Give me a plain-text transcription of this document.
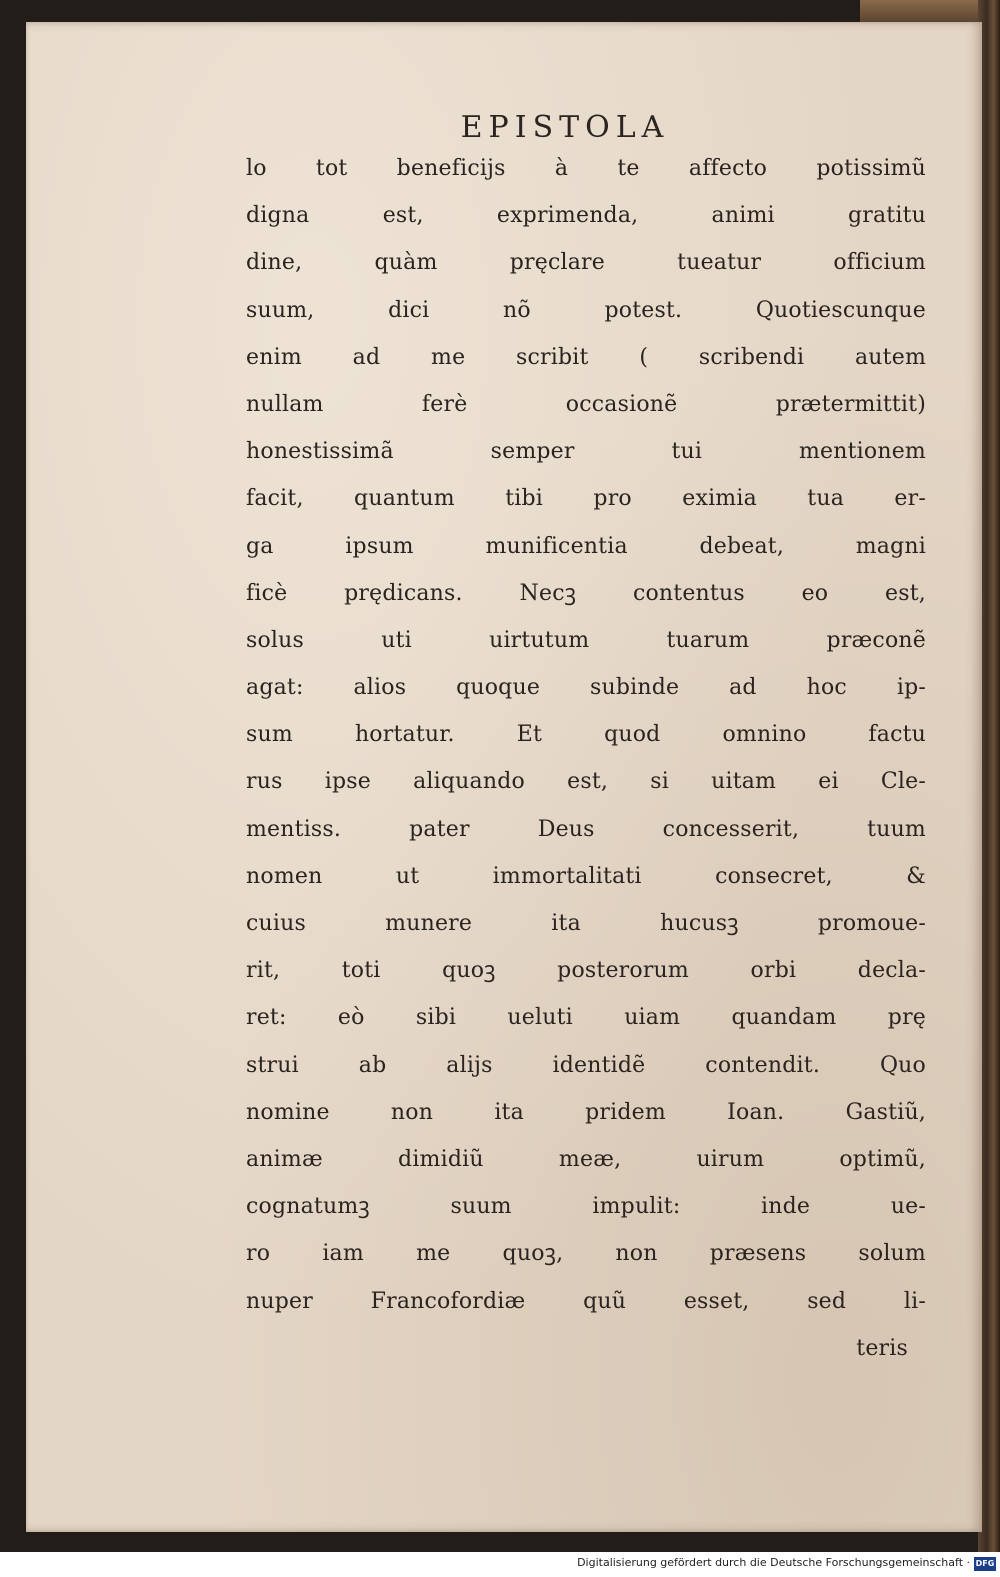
EPISTOLA
lo tot beneficijs à te affecto potissimũ
digna est, exprimenda, animi gratitu
dine, quàm pręclare tueatur officium
suum, dici nõ potest. Quotiescunque
enim ad me scribit ( scribendi autem
nullam ferè occasionẽ prætermittit)
honestissimã semper tui mentionem
facit, quantum tibi pro eximia tua er-
ga ipsum munificentia debeat, magni
ficè prędicans. Necꝫ contentus eo est,
solus uti uirtutum tuarum præconẽ
agat: alios quoque subinde ad hoc ip-
sum hortatur. Et quod omnino factu
rus ipse aliquando est, si uitam ei Cle-
mentiss. pater Deus concesserit, tuum
nomen ut immortalitati consecret, &
cuius munere ita hucusꝫ promoue-
rit, toti quoꝫ posterorum orbi decla-
ret: eò sibi ueluti uiam quandam prę
strui ab alijs identidẽ contendit. Quo
nomine non ita pridem Ioan. Gastiũ,
animæ dimidiũ meæ, uirum optimũ,
cognatumꝫ suum impulit: inde ue-
ro iam me quoꝫ, non præsens solum
nuper Francofordiæ quũ esset, sed li-
teris
Digitalisierung gefördert durch die Deutsche Forschungsgemeinschaft · DFG
